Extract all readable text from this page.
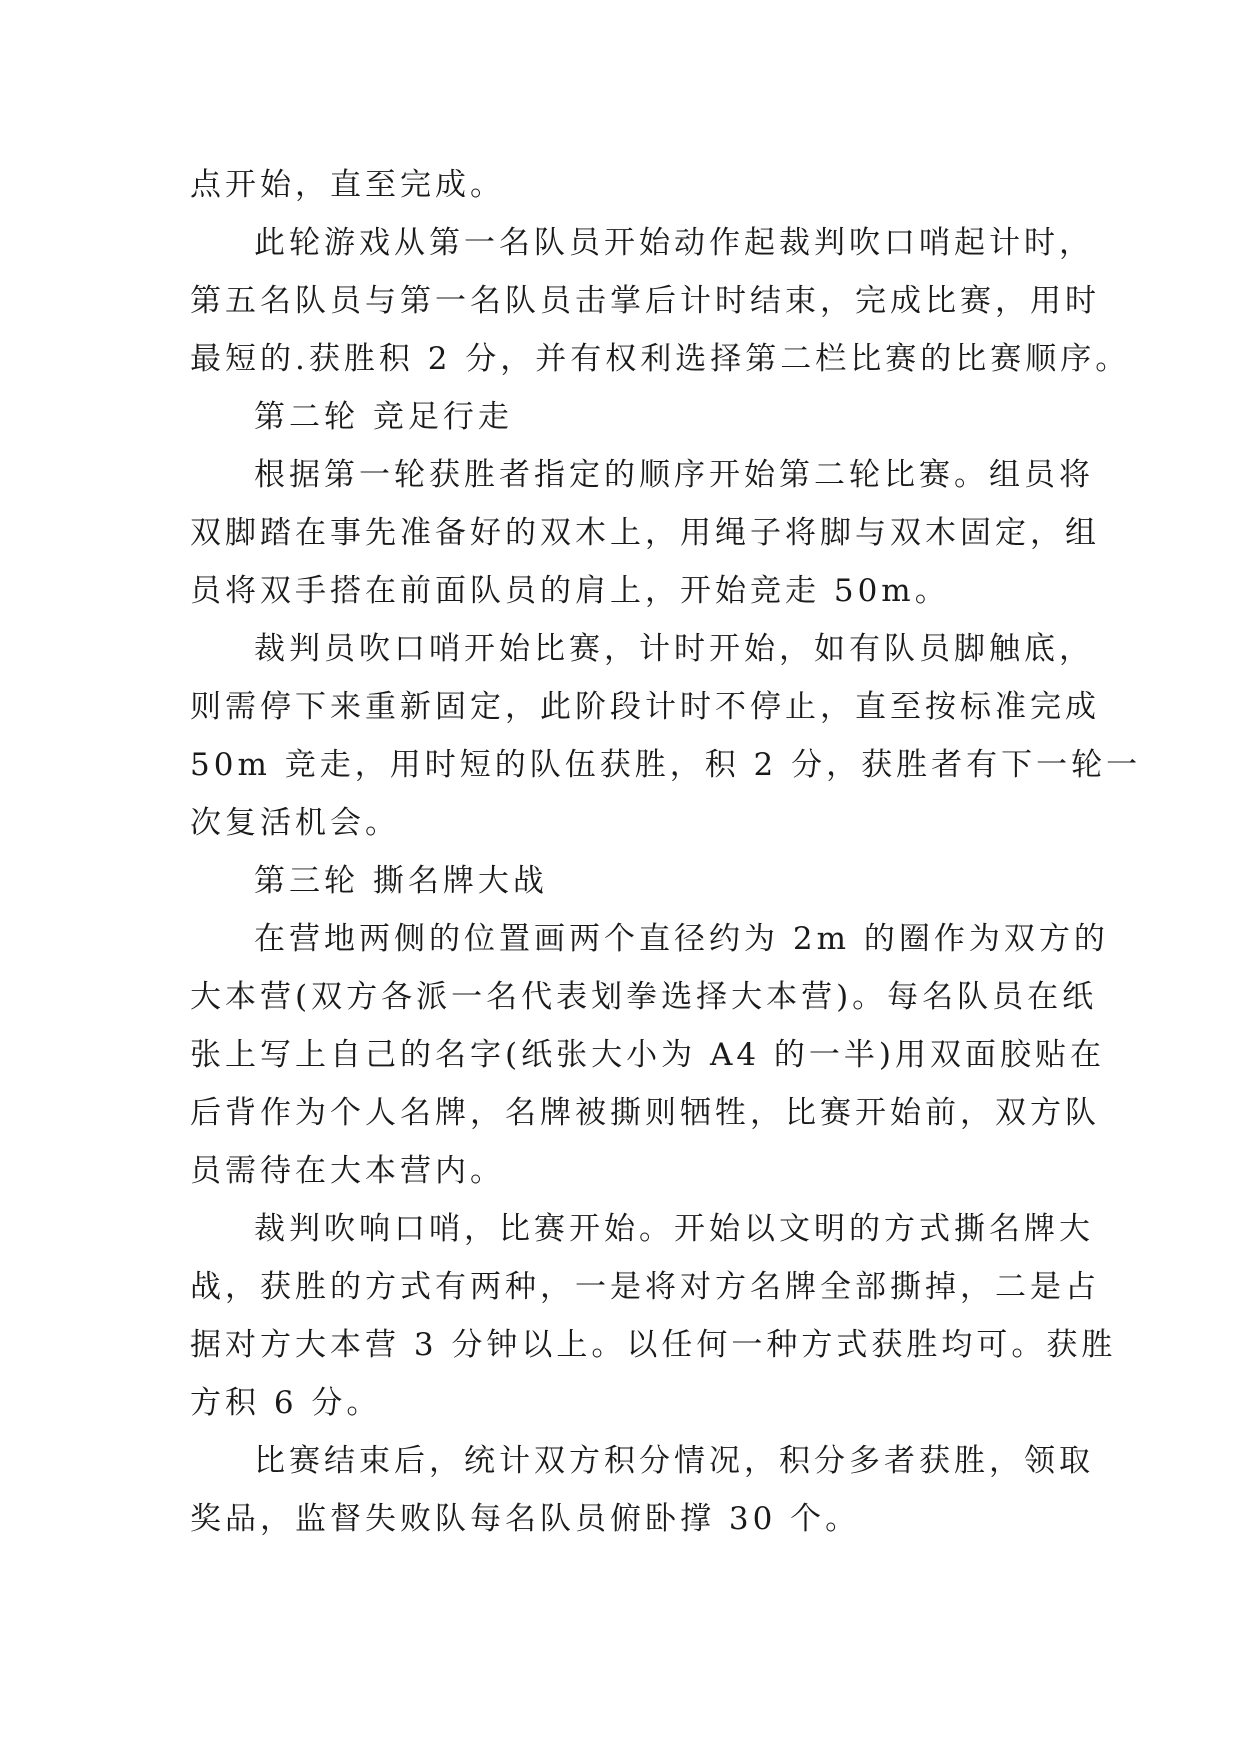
点开始，直至完成。
此轮游戏从第一名队员开始动作起裁判吹口哨起计时，
第五名队员与第一名队员击掌后计时结束，完成比赛，用时
最短的.获胜积 2 分，并有权利选择第二栏比赛的比赛顺序。
第二轮 竞足行走
根据第一轮获胜者指定的顺序开始第二轮比赛。组员将
双脚踏在事先准备好的双木上，用绳子将脚与双木固定，组
员将双手搭在前面队员的肩上，开始竞走 50m。
裁判员吹口哨开始比赛，计时开始，如有队员脚触底，
则需停下来重新固定，此阶段计时不停止，直至按标准完成
50m 竞走，用时短的队伍获胜，积 2 分，获胜者有下一轮一
次复活机会。
第三轮 撕名牌大战
在营地两侧的位置画两个直径约为 2m 的圈作为双方的
大本营(双方各派一名代表划拳选择大本营)。每名队员在纸
张上写上自己的名字(纸张大小为 A4 的一半)用双面胶贴在
后背作为个人名牌，名牌被撕则牺牲，比赛开始前，双方队
员需待在大本营内。
裁判吹响口哨，比赛开始。开始以文明的方式撕名牌大
战，获胜的方式有两种，一是将对方名牌全部撕掉，二是占
据对方大本营 3 分钟以上。以任何一种方式获胜均可。获胜
方积 6 分。
比赛结束后，统计双方积分情况，积分多者获胜，领取
奖品，监督失败队每名队员俯卧撑 30 个。
